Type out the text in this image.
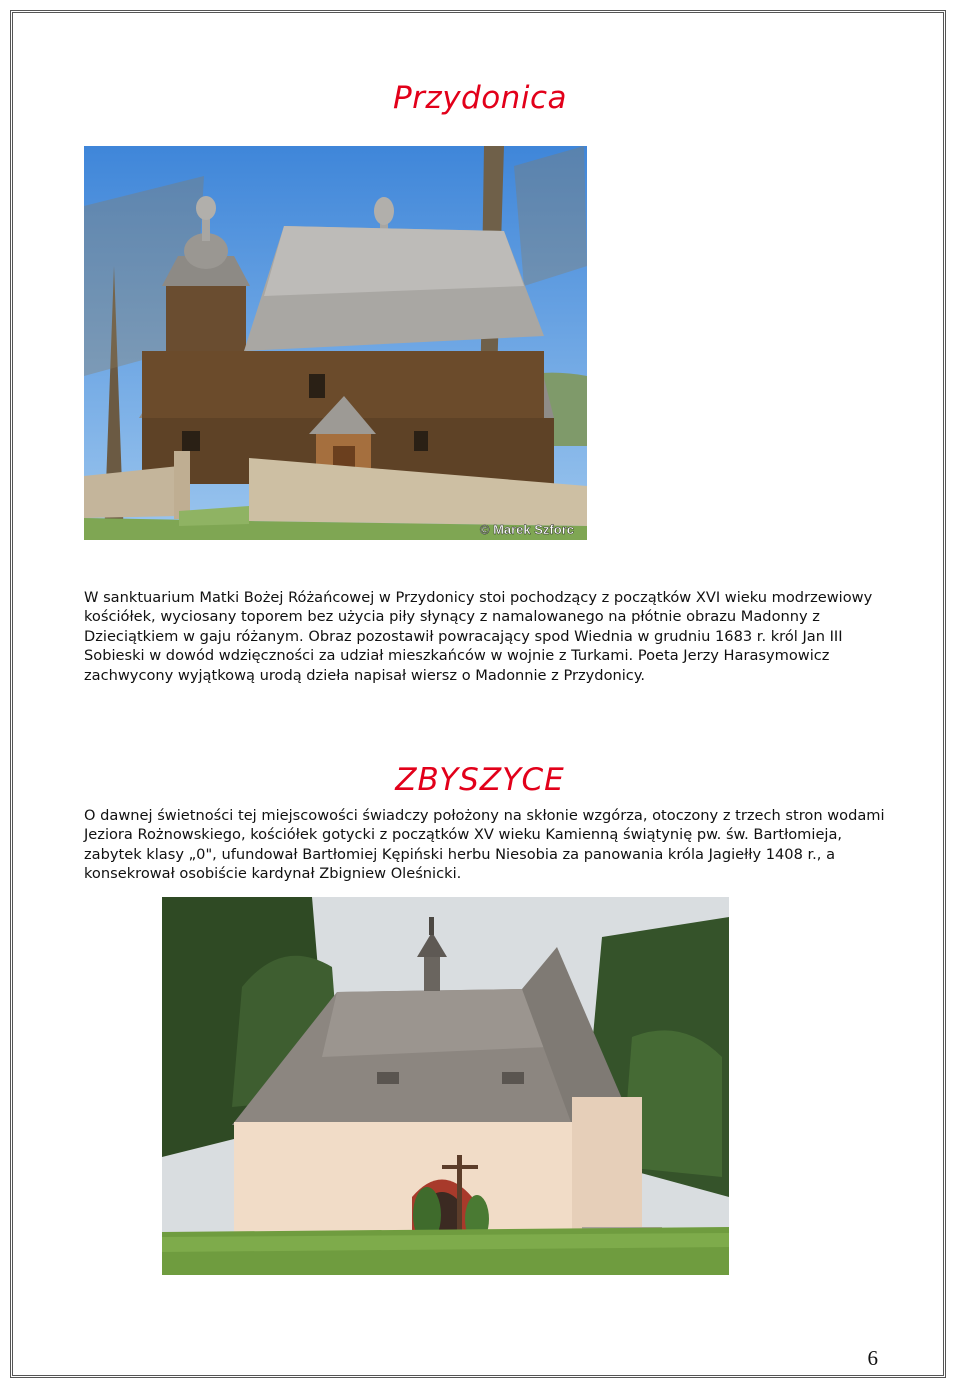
Przydonica
© Marek Szforc

W sanktuarium Matki Bożej Różańcowej w Przydonicy stoi pochodzący z początków XVI wieku modrzewiowy kościółek, wyciosany toporem bez użycia piły słynący z namalowanego na płótnie obrazu Madonny z Dzieciątkiem w gaju różanym. Obraz pozostawił powracający spod Wiednia w grudniu 1683 r. król Jan III Sobieski w dowód wdzięczności za udział mieszkańców w wojnie z Turkami. Poeta Jerzy Harasymowicz zachwycony wyjątkową urodą dzieła napisał wiersz o Madonnie z Przydonicy.

ZBYSZYCE

O dawnej świetności tej miejscowości świadczy położony na skłonie wzgórza, otoczony z trzech stron wodami Jeziora Rożnowskiego, kościółek gotycki z początków XV wieku Kamienną świątynię pw. św. Bartłomieja, zabytek klasy „0", ufundował Bartłomiej Kępiński herbu Niesobia za panowania króla Jagiełły 1408 r., a konsekrował osobiście kardynał Zbigniew Oleśnicki.

6
